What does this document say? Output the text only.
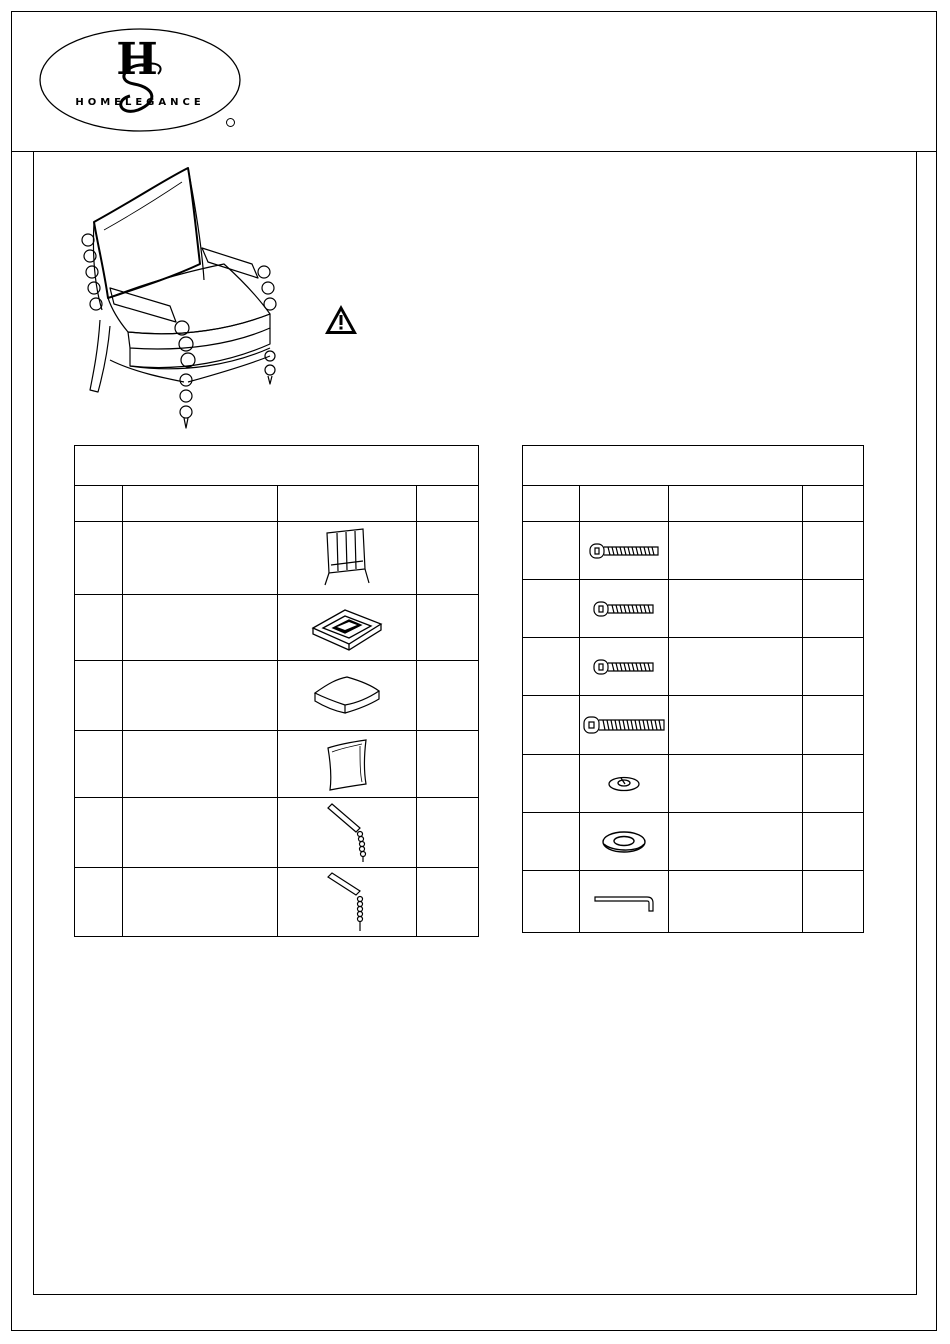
H
HOMELEGANCE
